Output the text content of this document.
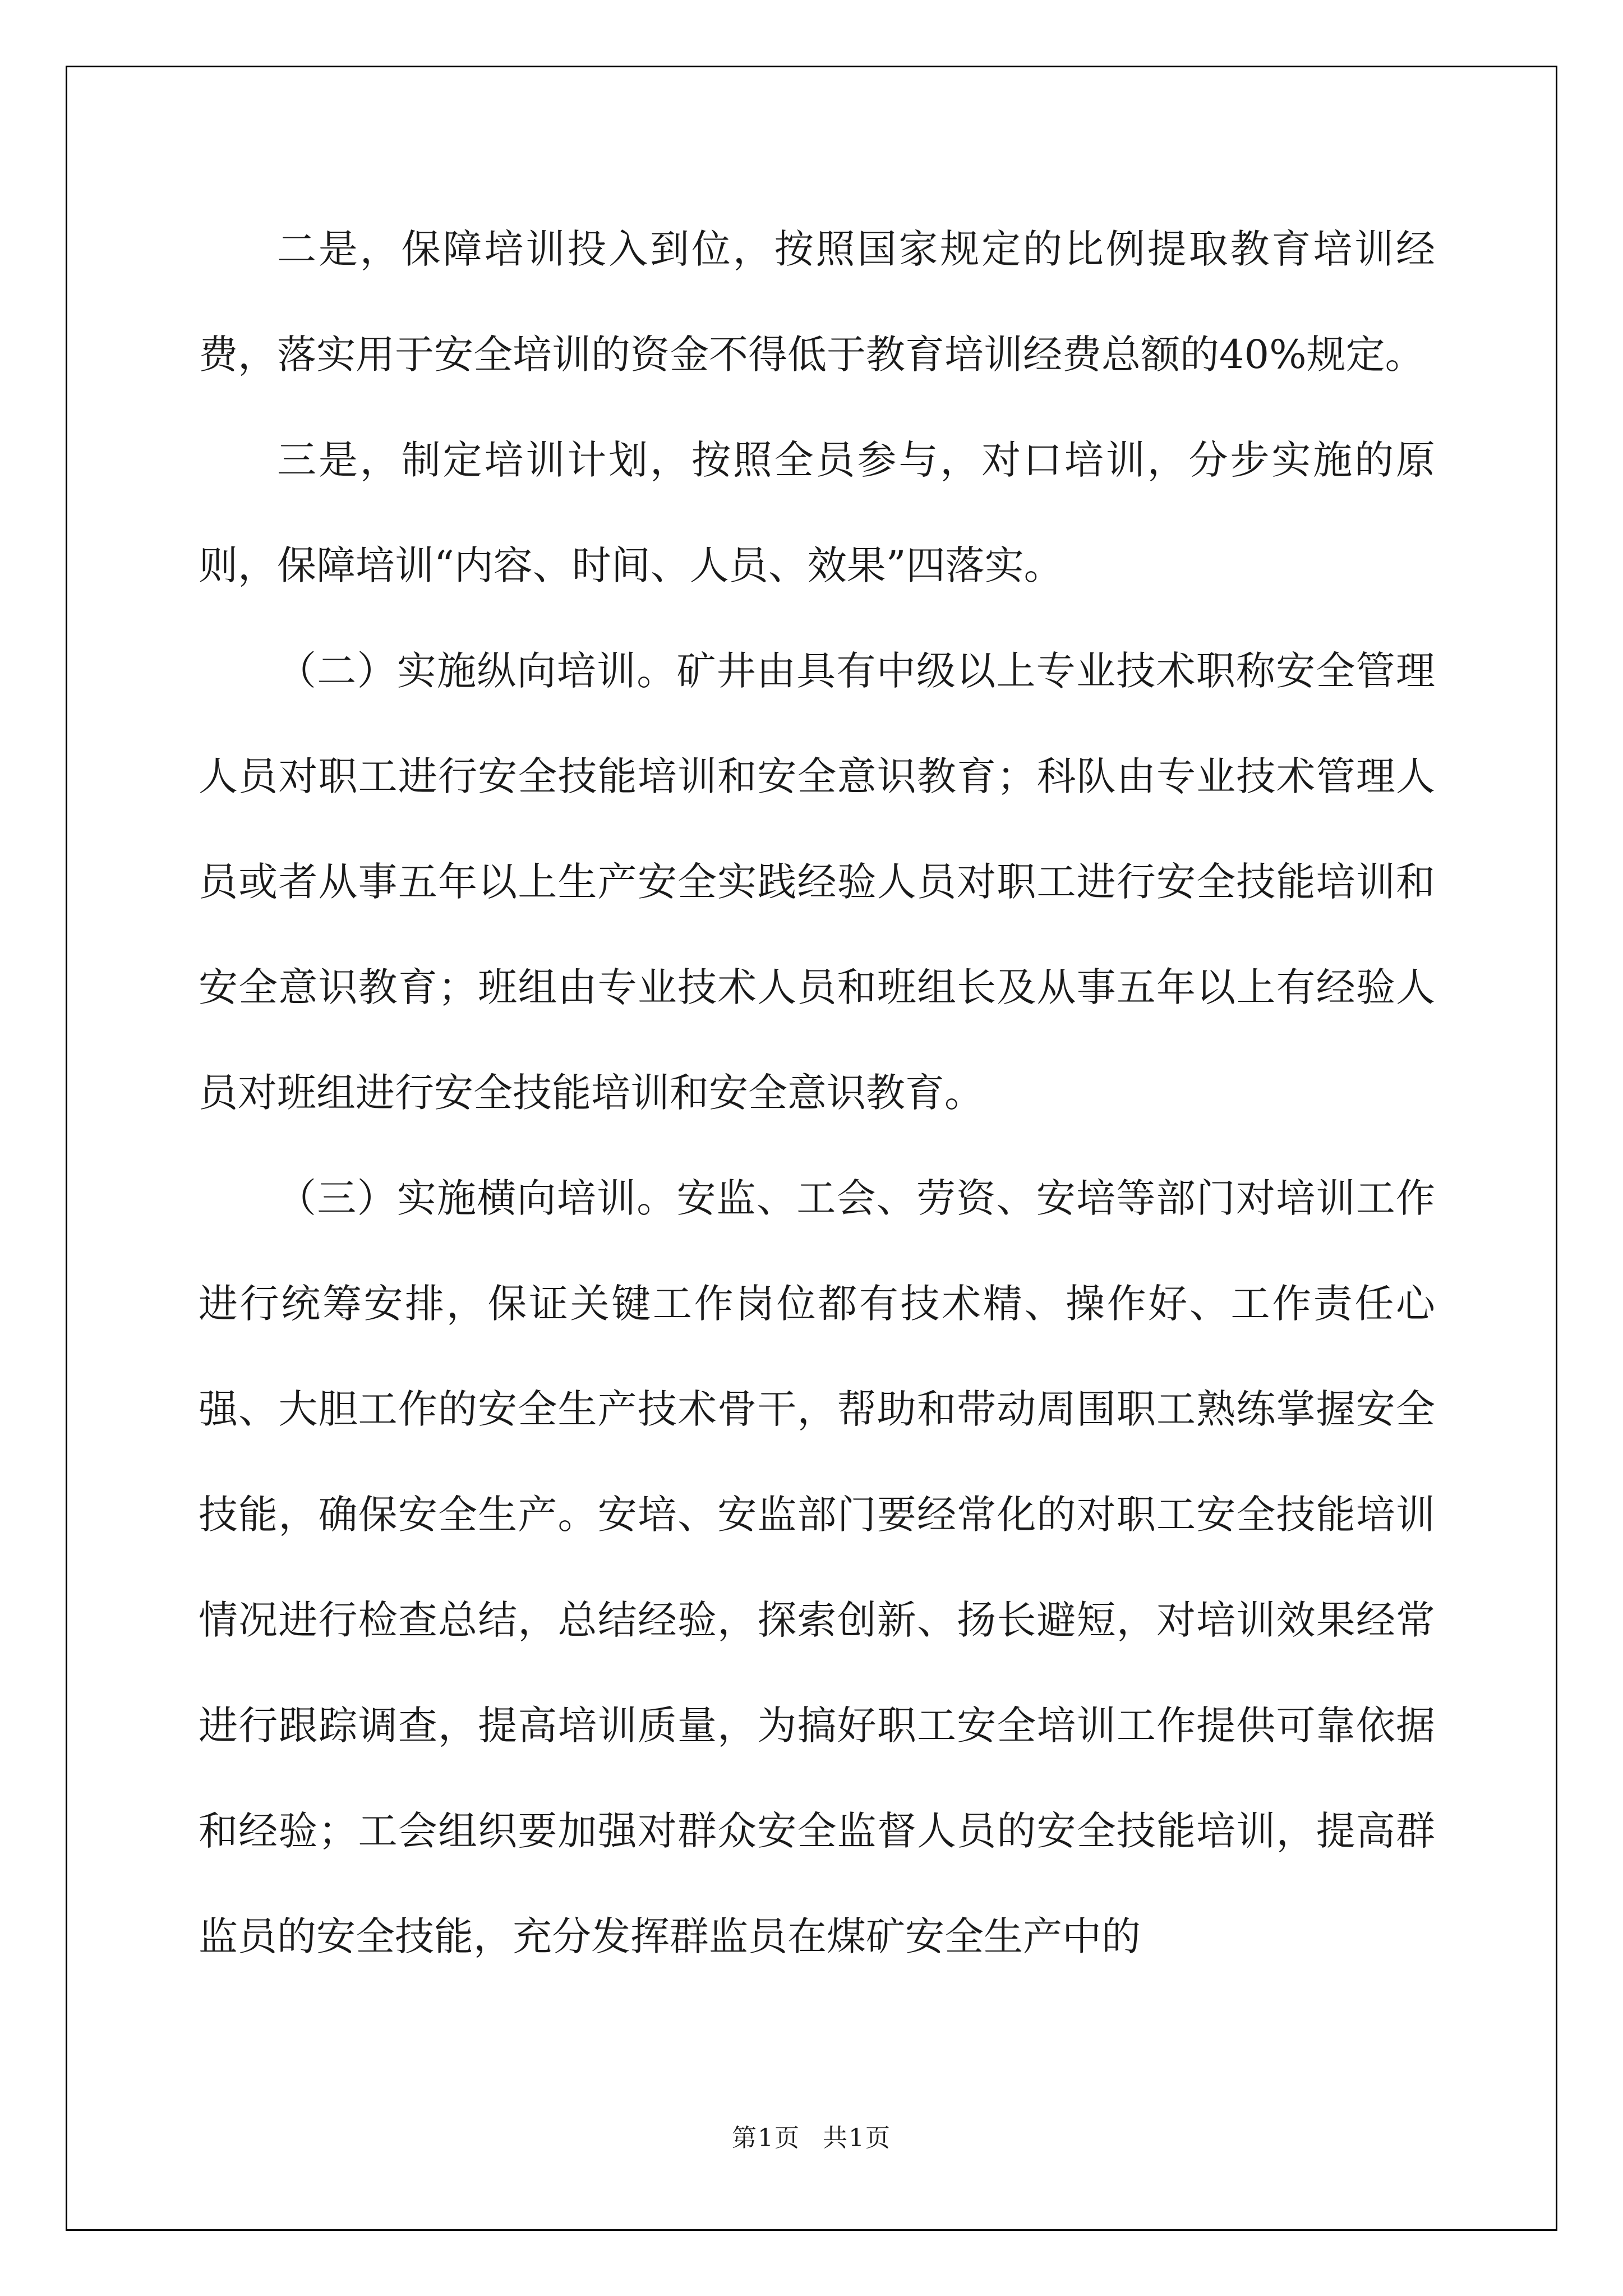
二是，保障培训投入到位，按照国家规定的比例提取教育培训经费，落实用于安全培训的资金不得低于教育培训经费总额的40%规定。

三是，制定培训计划，按照全员参与，对口培训，分步实施的原则，保障培训“内容、时间、人员、效果”四落实。

（二）实施纵向培训。矿井由具有中级以上专业技术职称安全管理人员对职工进行安全技能培训和安全意识教育；科队由专业技术管理人员或者从事五年以上生产安全实践经验人员对职工进行安全技能培训和安全意识教育；班组由专业技术人员和班组长及从事五年以上有经验人员对班组进行安全技能培训和安全意识教育。

（三）实施横向培训。安监、工会、劳资、安培等部门对培训工作进行统筹安排，保证关键工作岗位都有技术精、操作好、工作责任心强、大胆工作的安全生产技术骨干，帮助和带动周围职工熟练掌握安全技能，确保安全生产。安培、安监部门要经常化的对职工安全技能培训情况进行检查总结，总结经验，探索创新、扬长避短，对培训效果经常进行跟踪调查，提高培训质量，为搞好职工安全培训工作提供可靠依据和经验；工会组织要加强对群众安全监督人员的安全技能培训，提高群监员的安全技能，充分发挥群监员在煤矿安全生产中的

第1页 共1页
